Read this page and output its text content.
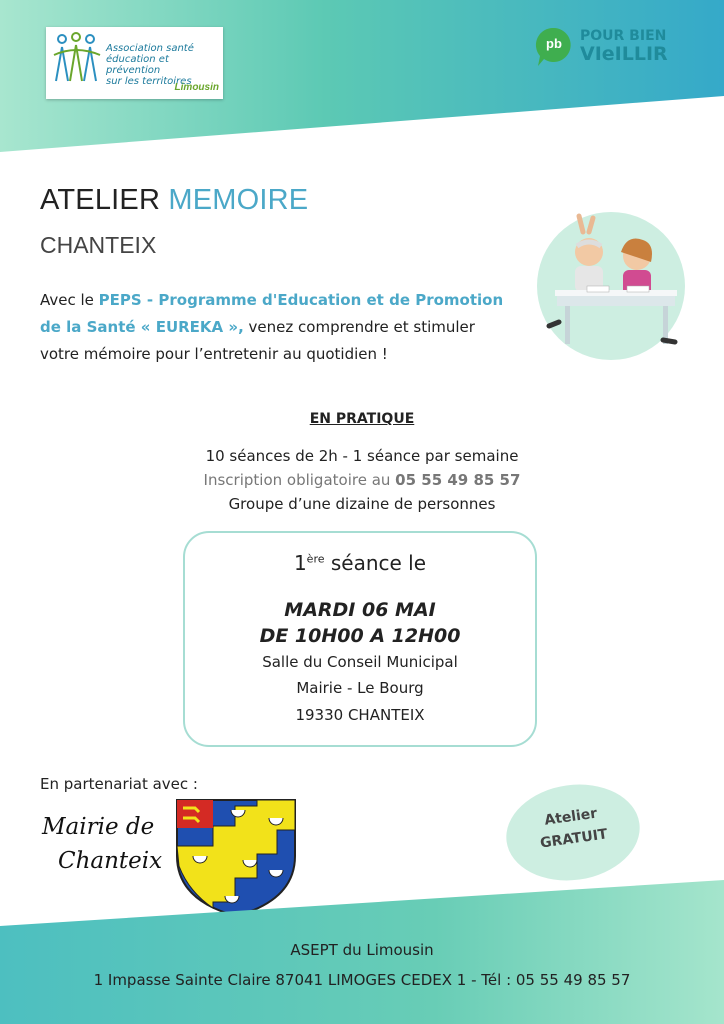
Association santé
éducation et prévention
sur les territoires
Limousin
pb	POUR BIEN
VIeILLIR
ATELIER MEMOIRE
CHANTEIX
Avec le PEPS - Programme d'Education et de Promotion de la Santé « EUREKA », venez comprendre et stimuler votre mémoire pour l’entretenir au quotidien !
EN PRATIQUE
10 séances de 2h - 1 séance par semaine
Inscription obligatoire au 05 55 49 85 57
Groupe d’une dizaine de personnes
1ère séance le
MARDI 06 MAI
DE 10H00 A 12H00
Salle du Conseil Municipal
Mairie - Le Bourg
19330 CHANTEIX
En partenariat avec :
Mairie de
Chanteix
Atelier
GRATUIT
ASEPT du Limousin
1 Impasse Sainte Claire 87041 LIMOGES CEDEX 1 - Tél : 05 55 49 85 57
